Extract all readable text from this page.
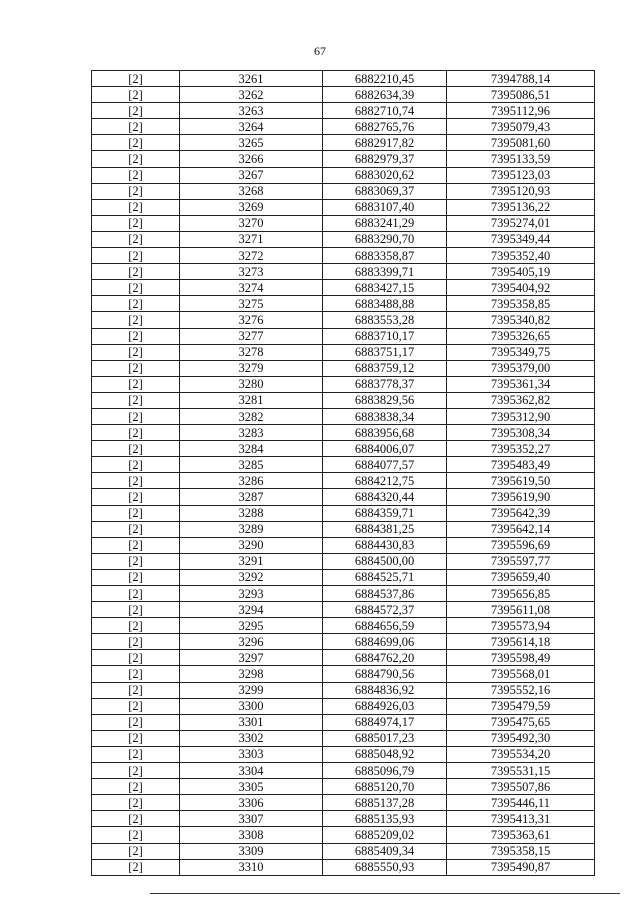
67
[2]	3261	6882210,45	7394788,14
[2]	3262	6882634,39	7395086,51
[2]	3263	6882710,74	7395112,96
[2]	3264	6882765,76	7395079,43
[2]	3265	6882917,82	7395081,60
[2]	3266	6882979,37	7395133,59
[2]	3267	6883020,62	7395123,03
[2]	3268	6883069,37	7395120,93
[2]	3269	6883107,40	7395136,22
[2]	3270	6883241,29	7395274,01
[2]	3271	6883290,70	7395349,44
[2]	3272	6883358,87	7395352,40
[2]	3273	6883399,71	7395405,19
[2]	3274	6883427,15	7395404,92
[2]	3275	6883488,88	7395358,85
[2]	3276	6883553,28	7395340,82
[2]	3277	6883710,17	7395326,65
[2]	3278	6883751,17	7395349,75
[2]	3279	6883759,12	7395379,00
[2]	3280	6883778,37	7395361,34
[2]	3281	6883829,56	7395362,82
[2]	3282	6883838,34	7395312,90
[2]	3283	6883956,68	7395308,34
[2]	3284	6884006,07	7395352,27
[2]	3285	6884077,57	7395483,49
[2]	3286	6884212,75	7395619,50
[2]	3287	6884320,44	7395619,90
[2]	3288	6884359,71	7395642,39
[2]	3289	6884381,25	7395642,14
[2]	3290	6884430,83	7395596,69
[2]	3291	6884500,00	7395597,77
[2]	3292	6884525,71	7395659,40
[2]	3293	6884537,86	7395656,85
[2]	3294	6884572,37	7395611,08
[2]	3295	6884656,59	7395573,94
[2]	3296	6884699,06	7395614,18
[2]	3297	6884762,20	7395598,49
[2]	3298	6884790,56	7395568,01
[2]	3299	6884836,92	7395552,16
[2]	3300	6884926,03	7395479,59
[2]	3301	6884974,17	7395475,65
[2]	3302	6885017,23	7395492,30
[2]	3303	6885048,92	7395534,20
[2]	3304	6885096,79	7395531,15
[2]	3305	6885120,70	7395507,86
[2]	3306	6885137,28	7395446,11
[2]	3307	6885135,93	7395413,31
[2]	3308	6885209,02	7395363,61
[2]	3309	6885409,34	7395358,15
[2]	3310	6885550,93	7395490,87
